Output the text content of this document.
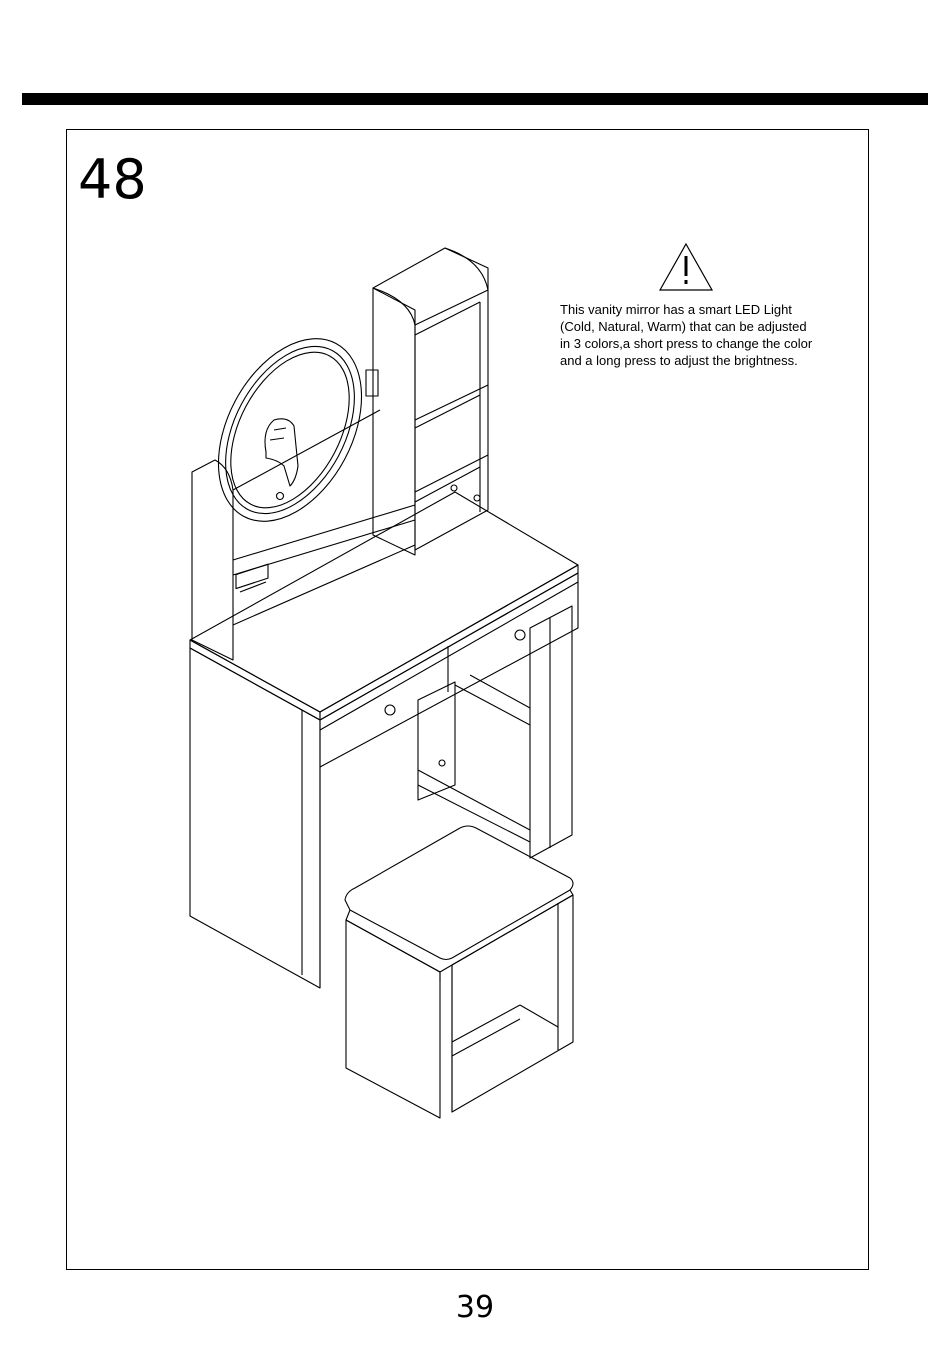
48
This vanity mirror has a smart LED Light
(Cold, Natural, Warm) that can be adjusted
in 3 colors,a short press to change the color
and a long press to adjust the brightness.
39
